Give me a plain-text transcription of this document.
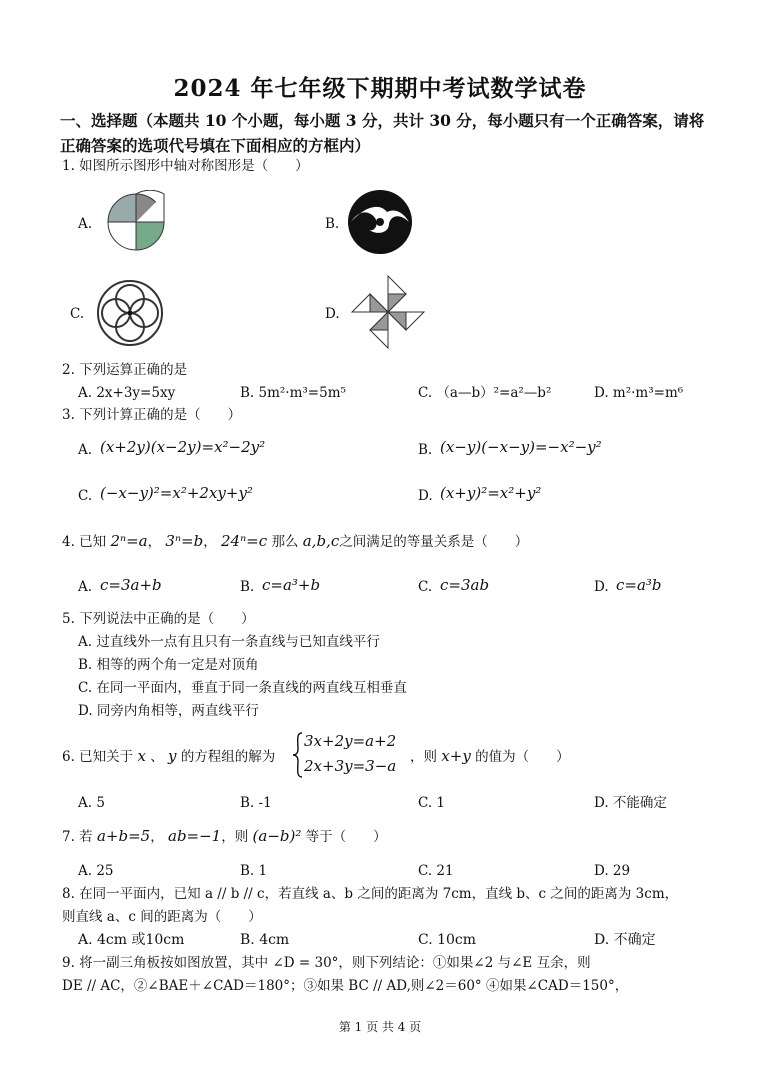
2024 年七年级下期期中考试数学试卷
一、选择题（本题共 10 个小题，每小题 3 分，共计 30 分，每小题只有一个正确答案，请将正确答案的选项代号填在下面相应的方框内）
1. 如图所示图形中轴对称图形是（　　）
A.	B.
C.	D.
2. 下列运算正确的是
A. 2x+3y=5xy	B. 5m²·m³=5m⁵	C. （a—b）²=a²—b²	D. m²·m³=m⁶
3. 下列计算正确的是（　　）
A. (x+2y)(x−2y)=x²−2y²	B. (x−y)(−x−y)=−x²−y²
C. (−x−y)²=x²+2xy+y²	D. (x+y)²=x²+y²
4. 已知 2ⁿ=a， 3ⁿ=b， 24ⁿ=c 那么 a,b,c之间满足的等量关系是（　　）
A. c=3a+b	B. c=a³+b	C. c=3ab	D. c=a³b
5. 下列说法中正确的是（　　）
A. 过直线外一点有且只有一条直线与已知直线平行
B. 相等的两个角一定是对顶角
C. 在同一平面内，垂直于同一条直线的两直线互相垂直
D. 同旁内角相等，两直线平行
6. 已知关于 x 、 y 的方程组的解为
3x+2y=a+2
2x+3y=3−a ，则 x+y 的值为（　　）
A. 5	B. -1	C. 1	D. 不能确定
7. 若 a+b=5， ab=−1，则 (a−b)² 等于（　　）
A. 25	B. 1	C. 21	D. 29
8. 在同一平面内，已知 a // b // c，若直线 a、b 之间的距离为 7cm，直线 b、c 之间的距离为 3cm，
则直线 a、c 间的距离为（　　）
A. 4cm 或10cm	B. 4cm	C. 10cm	D. 不确定
9. 将一副三角板按如图放置，其中 ∠D = 30°，则下列结论：①如果∠2 与∠E 互余，则
DE // AC，②∠BAE＋∠CAD＝180°；③如果 BC // AD,则∠2＝60° ④如果∠CAD＝150°，
第 1 页 共 4 页
